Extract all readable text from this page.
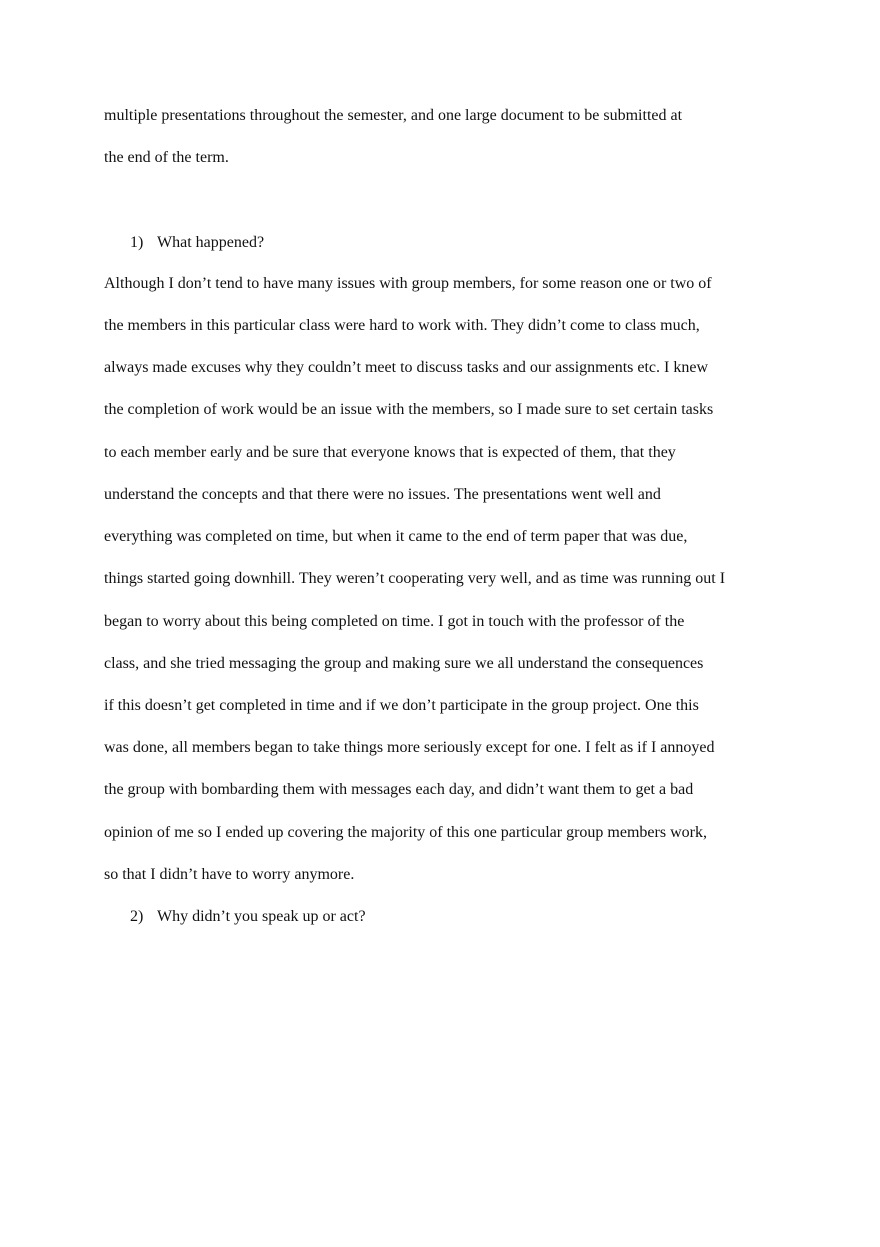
multiple presentations throughout the semester, and one large document to be submitted at
the end of the term.
1) What happened?
Although I don’t tend to have many issues with group members, for some reason one or two of
the members in this particular class were hard to work with. They didn’t come to class much,
always made excuses why they couldn’t meet to discuss tasks and our assignments etc. I knew
the completion of work would be an issue with the members, so I made sure to set certain tasks
to each member early and be sure that everyone knows that is expected of them, that they
understand the concepts and that there were no issues. The presentations went well and
everything was completed on time, but when it came to the end of term paper that was due,
things started going downhill. They weren’t cooperating very well, and as time was running out I
began to worry about this being completed on time. I got in touch with the professor of the
class, and she tried messaging the group and making sure we all understand the consequences
if this doesn’t get completed in time and if we don’t participate in the group project. One this
was done, all members began to take things more seriously except for one. I felt as if I annoyed
the group with bombarding them with messages each day, and didn’t want them to get a bad
opinion of me so I ended up covering the majority of this one particular group members work,
so that I didn’t have to worry anymore.
2) Why didn’t you speak up or act?
